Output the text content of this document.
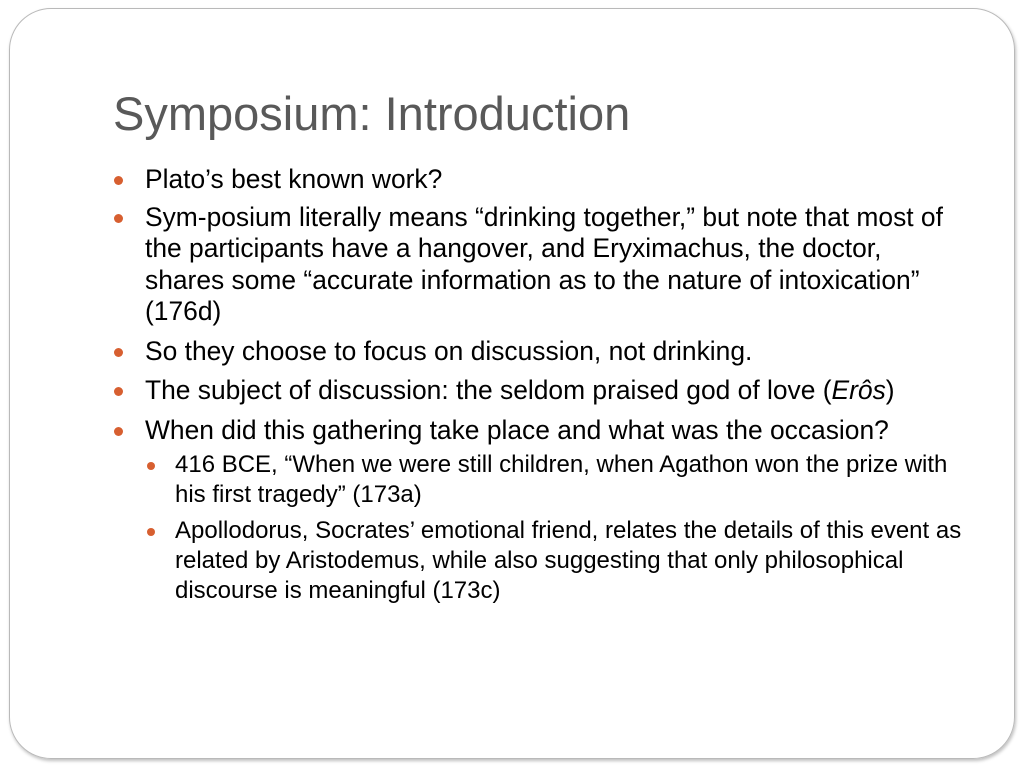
Symposium: Introduction
Plato’s best known work?
Sym-posium literally means “drinking together,” but note that most of the participants have a hangover, and Eryximachus, the doctor, shares some “accurate information as to the nature of intoxication” (176d)
So they choose to focus on discussion, not drinking.
The subject of discussion: the seldom praised god of love (Erôs)
When did this gathering take place and what was the occasion?
416 BCE, “When we were still children, when Agathon won the prize with his first tragedy” (173a)
Apollodorus, Socrates’ emotional friend, relates the details of this event as related by Aristodemus, while also suggesting that only philosophical discourse is meaningful (173c)
